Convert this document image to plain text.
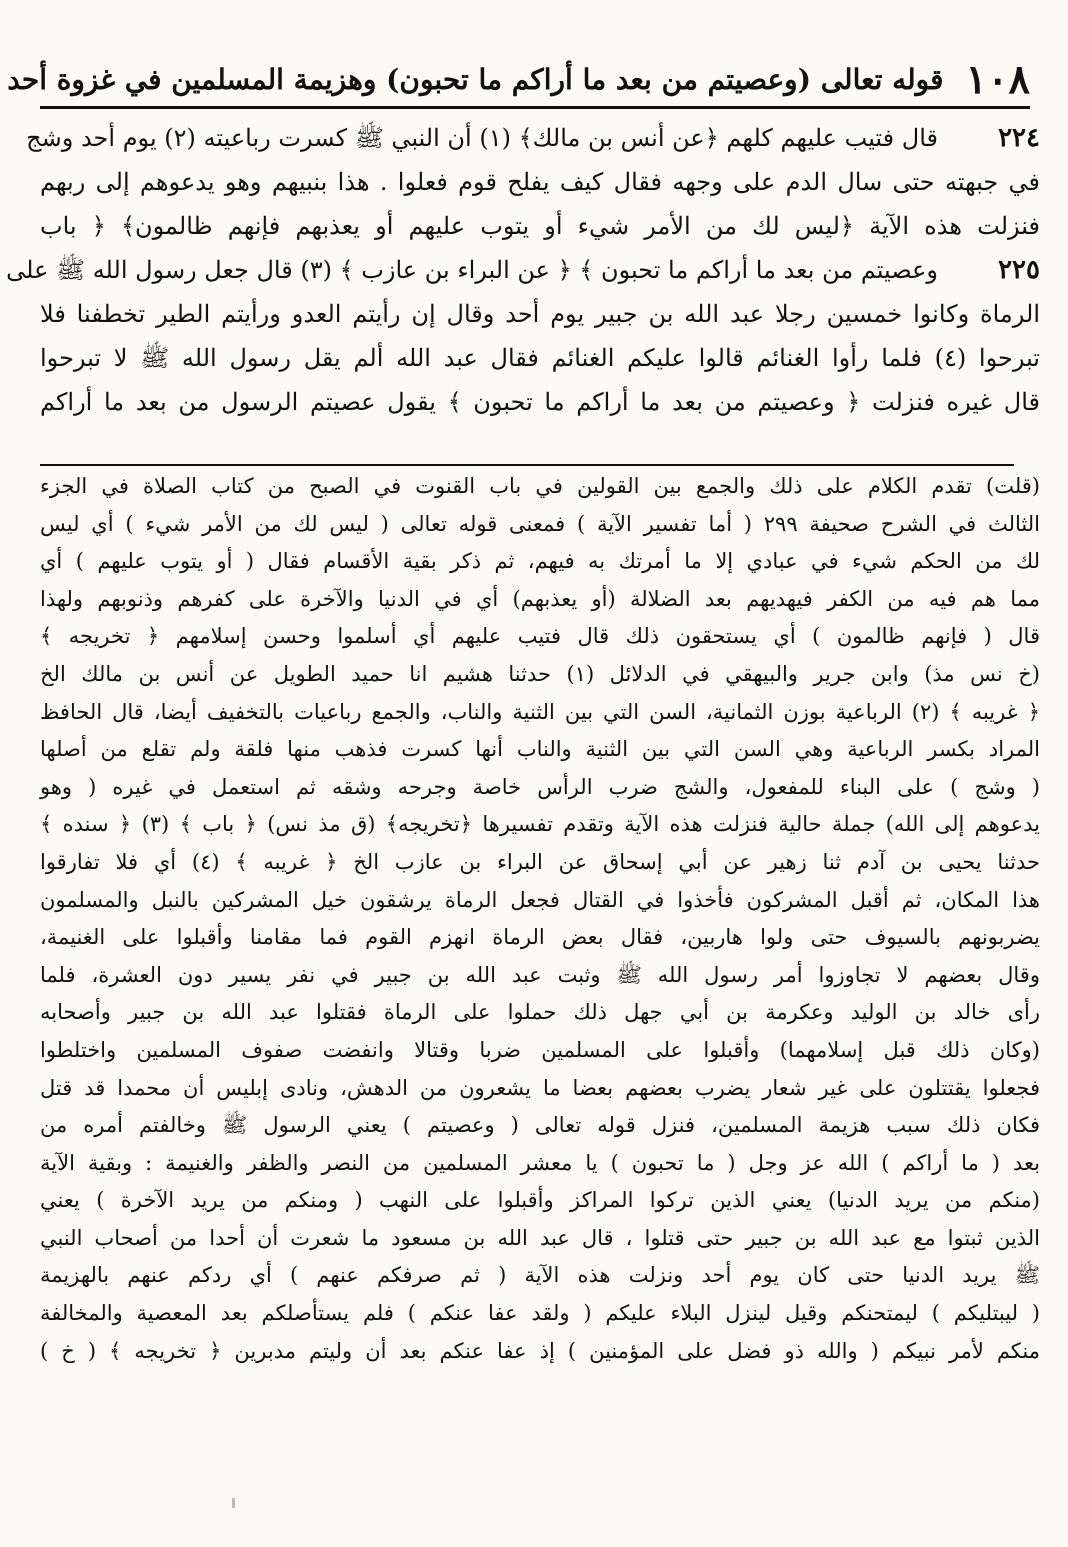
١٠٨
قوله تعالى (وعصيتم من بعد ما أراكم ما تحبون) وهزيمة المسلمين في غزوة أحد
٢٢٤
قال فتيب عليهم كلهم ﴿عن أنس بن مالك﴾ (١) أن النبي ﷺ كسرت رباعيته (٢) يوم أحد وشج
في جبهته حتى سال الدم على وجهه فقال كيف يفلح قوم فعلوا . هذا بنبيهم وهو يدعوهم إلى ربهم
فنزلت هذه الآية ﴿ليس لك من الأمر شيء أو يتوب عليهم أو يعذبهم فإنهم ظالمون﴾ ﴿ باب
٢٢٥
وعصيتم من بعد ما أراكم ما تحبون ﴾ ﴿ عن البراء بن عازب ﴾ (٣) قال جعل رسول الله ﷺ على
الرماة وكانوا خمسين رجلا عبد الله بن جبير يوم أحد وقال إن رأيتم العدو ورأيتم الطير تخطفنا فلا
تبرحوا (٤) فلما رأوا الغنائم قالوا عليكم الغنائم فقال عبد الله ألم يقل رسول الله ﷺ لا تبرحوا
قال غيره فنزلت ﴿ وعصيتم من بعد ما أراكم ما تحبون ﴾ يقول عصيتم الرسول من بعد ما أراكم
(قلت) تقدم الكلام على ذلك والجمع بين القولين في باب القنوت في الصبح من كتاب الصلاة في الجزء
الثالث في الشرح صحيفة ٢٩٩ ( أما تفسير الآية ) فمعنى قوله تعالى ( ليس لك من الأمر شيء ) أي ليس
لك من الحكم شيء في عبادي إلا ما أمرتك به فيهم، ثم ذكر بقية الأقسام فقال ( أو يتوب عليهم ) أي
مما هم فيه من الكفر فيهديهم بعد الضلالة (أو يعذبهم) أي في الدنيا والآخرة على كفرهم وذنوبهم ولهذا
قال ( فإنهم ظالمون ) أي يستحقون ذلك قال فتيب عليهم أي أسلموا وحسن إسلامهم ﴿ تخريجه ﴾
(خ نس مذ) وابن جرير والبيهقي في الدلائل (١) حدثنا هشيم انا حميد الطويل عن أنس بن مالك الخ
﴿ غريبه ﴾ (٢) الرباعية بوزن الثمانية، السن التي بين الثنية والناب، والجمع رباعيات بالتخفيف أيضا، قال الحافظ
المراد بكسر الرباعية وهي السن التي بين الثنية والناب أنها كسرت فذهب منها فلقة ولم تقلع من أصلها
( وشج ) على البناء للمفعول، والشج ضرب الرأس خاصة وجرحه وشقه ثم استعمل في غيره ( وهو
يدعوهم إلى الله) جملة حالية فنزلت هذه الآية وتقدم تفسيرها ﴿تخريجه﴾ (ق مذ نس) ﴿ باب ﴾ (٣) ﴿ سنده ﴾
حدثنا يحيى بن آدم ثنا زهير عن أبي إسحاق عن البراء بن عازب الخ ﴿ غريبه ﴾ (٤) أي فلا تفارقوا
هذا المكان، ثم أقبل المشركون فأخذوا في القتال فجعل الرماة يرشقون خيل المشركين بالنبل والمسلمون
يضربونهم بالسيوف حتى ولوا هاربين، فقال بعض الرماة انهزم القوم فما مقامنا وأقبلوا على الغنيمة،
وقال بعضهم لا تجاوزوا أمر رسول الله ﷺ وثبت عبد الله بن جبير في نفر يسير دون العشرة، فلما
رأى خالد بن الوليد وعكرمة بن أبي جهل ذلك حملوا على الرماة فقتلوا عبد الله بن جبير وأصحابه
(وكان ذلك قبل إسلامهما) وأقبلوا على المسلمين ضربا وقتالا وانفضت صفوف المسلمين واختلطوا
فجعلوا يقتتلون على غير شعار يضرب بعضهم بعضا ما يشعرون من الدهش، ونادى إبليس أن محمدا قد قتل
فكان ذلك سبب هزيمة المسلمين، فنزل قوله تعالى ( وعصيتم ) يعني الرسول ﷺ وخالفتم أمره من
بعد ( ما أراكم ) الله عز وجل ( ما تحبون ) يا معشر المسلمين من النصر والظفر والغنيمة : وبقية الآية
(منكم من يريد الدنيا) يعني الذين تركوا المراكز وأقبلوا على النهب ( ومنكم من يريد الآخرة ) يعني
الذين ثبتوا مع عبد الله بن جبير حتى قتلوا ، قال عبد الله بن مسعود ما شعرت أن أحدا من أصحاب النبي
ﷺ يريد الدنيا حتى كان يوم أحد ونزلت هذه الآية ( ثم صرفكم عنهم ) أي ردكم عنهم بالهزيمة
( ليبتليكم ) ليمتحنكم وقيل لينزل البلاء عليكم ( ولقد عفا عنكم ) فلم يستأصلكم بعد المعصية والمخالفة
منكم لأمر نبيكم ( والله ذو فضل على المؤمنين ) إذ عفا عنكم بعد أن وليتم مدبرين ﴿ تخريجه ﴾ ( خ )
